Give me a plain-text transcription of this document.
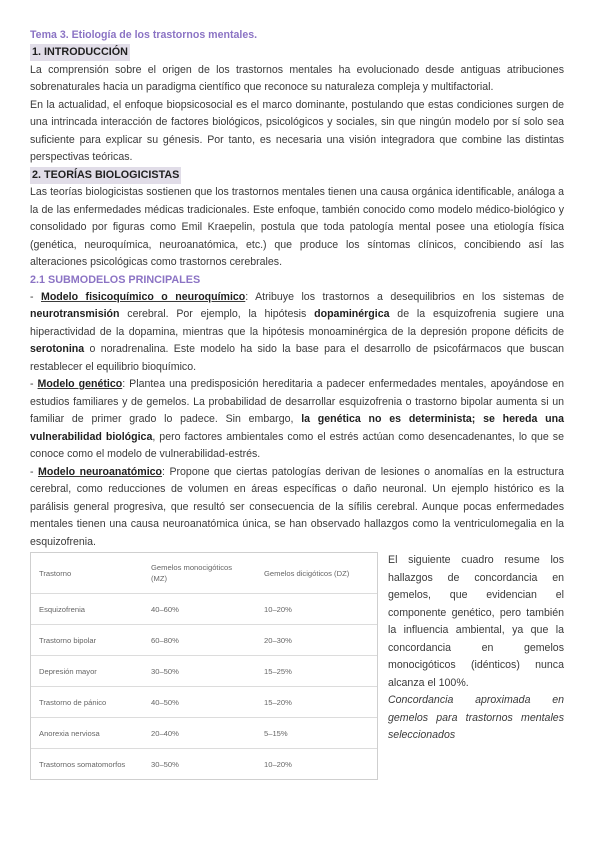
Tema 3. Etiología de los trastornos mentales.
1. INTRODUCCIÓN

La comprensión sobre el origen de los trastornos mentales ha evolucionado desde antiguas atribuciones sobrenaturales hacia un paradigma científico que reconoce su naturaleza compleja y multifactorial.

En la actualidad, el enfoque biopsicosocial es el marco dominante, postulando que estas condiciones surgen de una intrincada interacción de factores biológicos, psicológicos y sociales, sin que ningún modelo por sí solo sea suficiente para explicar su génesis. Por tanto, es necesaria una visión integradora que combine las distintas perspectivas teóricas.

2. TEORÍAS BIOLOGICISTAS

Las teorías biologicistas sostienen que los trastornos mentales tienen una causa orgánica identificable, análoga a la de las enfermedades médicas tradicionales. Este enfoque, también conocido como modelo médico-biológico y consolidado por figuras como Emil Kraepelin, postula que toda patología mental posee una etiología física (genética, neuroquímica, neuroanatómica, etc.) que produce los síntomas clínicos, concibiendo así las alteraciones psicológicas como trastornos cerebrales.

2.1 SUBMODELOS PRINCIPALES

- Modelo fisicoquímico o neuroquímico: Atribuye los trastornos a desequilibrios en los sistemas de neurotransmisión cerebral. Por ejemplo, la hipótesis dopaminérgica de la esquizofrenia sugiere una hiperactividad de la dopamina, mientras que la hipótesis monoaminérgica de la depresión propone déficits de serotonina o noradrenalina. Este modelo ha sido la base para el desarrollo de psicofármacos que buscan restablecer el equilibrio bioquímico.

- Modelo genético: Plantea una predisposición hereditaria a padecer enfermedades mentales, apoyándose en estudios familiares y de gemelos. La probabilidad de desarrollar esquizofrenia o trastorno bipolar aumenta si un familiar de primer grado lo padece. Sin embargo, la genética no es determinista; se hereda una vulnerabilidad biológica, pero factores ambientales como el estrés actúan como desencadenantes, lo que se conoce como el modelo de vulnerabilidad-estrés.

- Modelo neuroanatómico: Propone que ciertas patologías derivan de lesiones o anomalías en la estructura cerebral, como reducciones de volumen en áreas específicas o daño neuronal. Un ejemplo histórico es la parálisis general progresiva, que resultó ser consecuencia de la sífilis cerebral. Aunque pocas enfermedades mentales tienen una causa neuroanatómica única, se han observado hallazgos como la ventriculomegalia en la esquizofrenia.

Trastorno	Gemelos monocigóticos (MZ)	Gemelos dicigóticos (DZ)
Esquizofrenia	40–60%	10–20%
Trastorno bipolar	60–80%	20–30%
Depresión mayor	30–50%	15–25%
Trastorno de pánico	40–50%	15–20%
Anorexia nerviosa	20–40%	5–15%
Trastornos somatomorfos	30–50%	10–20%

El siguiente cuadro resume los hallazgos de concordancia en gemelos, que evidencian el componente genético, pero también la influencia ambiental, ya que la concordancia en gemelos monocigóticos (idénticos) nunca alcanza el 100%.

Concordancia aproximada en gemelos para trastornos mentales seleccionados
